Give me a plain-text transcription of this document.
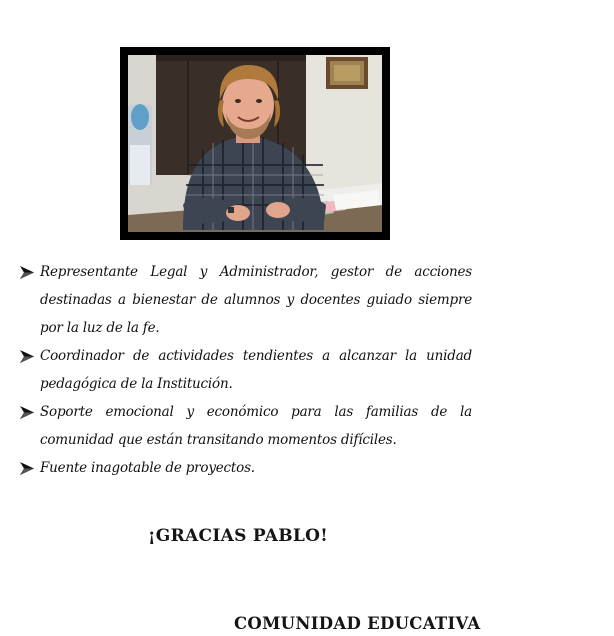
Representante Legal y Administrador, gestor de acciones destinadas a bienestar de alumnos y docentes guiado siempre por la luz de la fe.
Coordinador de actividades tendientes a alcanzar la unidad pedagógica de la Institución.
Soporte emocional y económico para las familias de la comunidad que están transitando momentos difíciles.
Fuente inagotable de proyectos.
¡GRACIAS PABLO!
COMUNIDAD EDUCATIVA
